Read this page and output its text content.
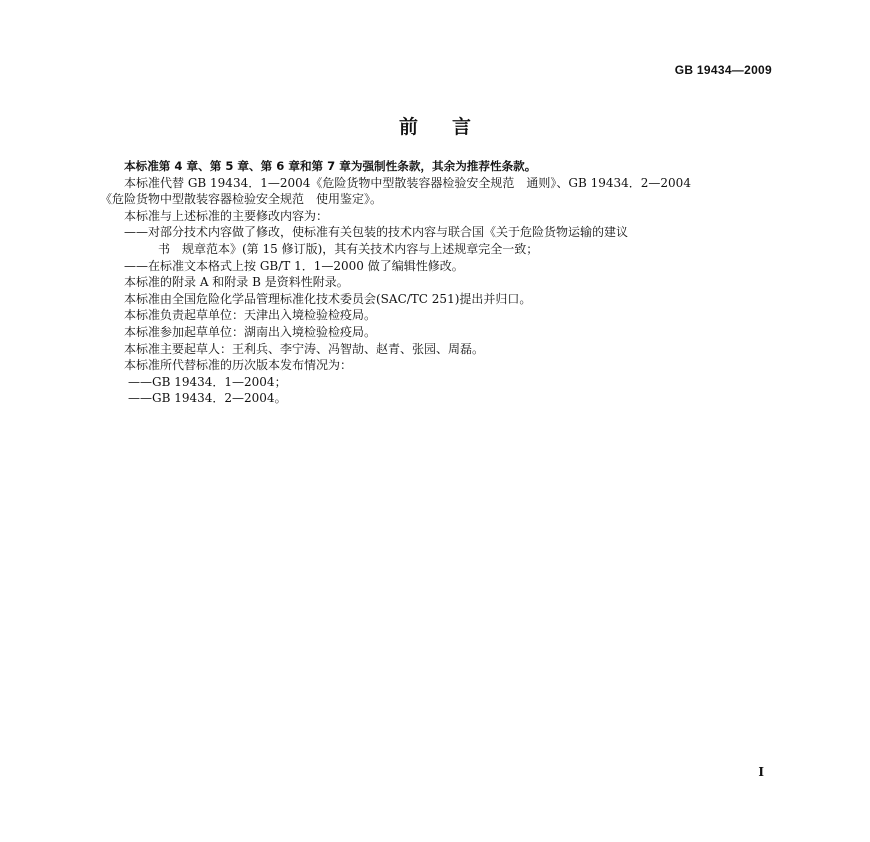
GB 19434—2009
前言

本标准第 4 章、第 5 章、第 6 章和第 7 章为强制性条款，其余为推荐性条款。

本标准代替 GB 19434．1—2004《危险货物中型散装容器检验安全规范　通则》、GB 19434．2—2004

《危险货物中型散装容器检验安全规范　使用鉴定》。

本标准与上述标准的主要修改内容为：

——对部分技术内容做了修改，使标准有关包装的技术内容与联合国《关于危险货物运输的建议

书　规章范本》(第 15 修订版)，其有关技术内容与上述规章完全一致；

——在标准文本格式上按 GB/T 1．1—2000 做了编辑性修改。

本标准的附录 A 和附录 B 是资料性附录。

本标准由全国危险化学品管理标准化技术委员会(SAC/TC 251)提出并归口。

本标准负责起草单位：天津出入境检验检疫局。

本标准参加起草单位：湖南出入境检验检疫局。

本标准主要起草人：王利兵、李宁涛、冯智劼、赵青、张园、周磊。

本标准所代替标准的历次版本发布情况为：

——GB 19434．1—2004；

——GB 19434．2—2004。

I
